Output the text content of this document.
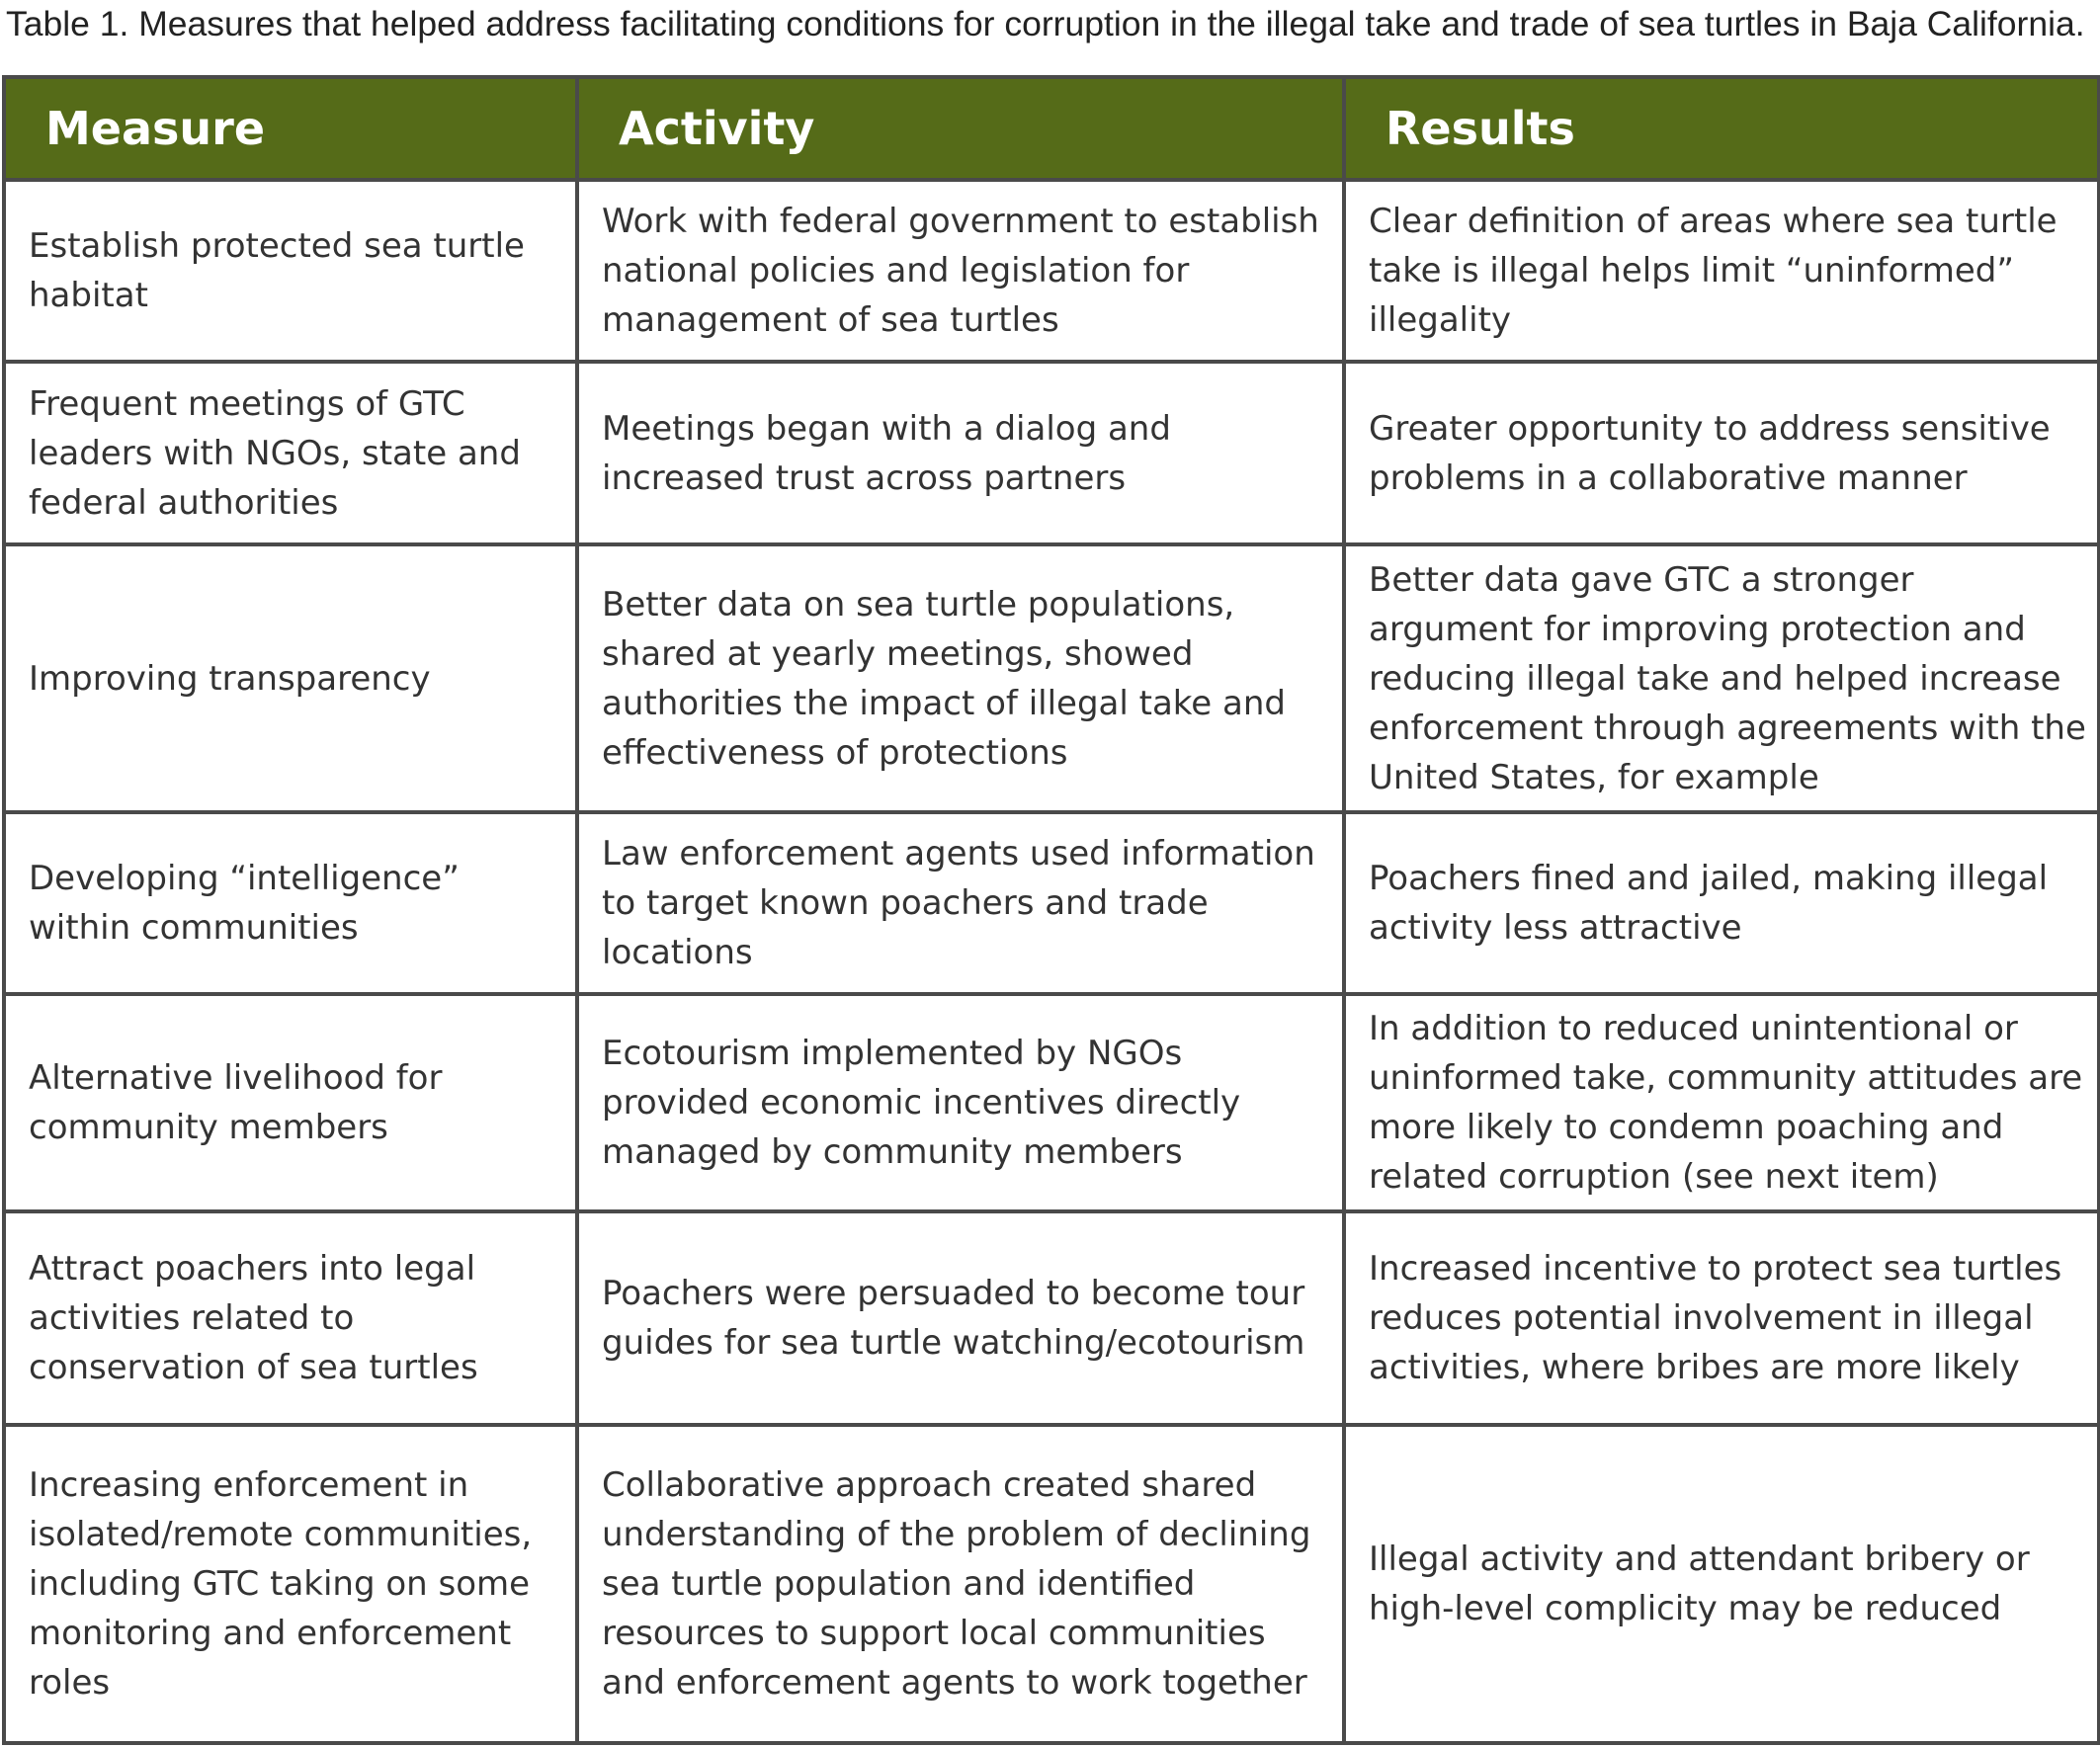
Table 1. Measures that helped address facilitating conditions for corruption in the illegal take and trade of sea turtles in Baja California.
Measure	Activity	Results
Establish protected sea turtle habitat	Work with federal government to establish national policies and legislation for management of sea turtles	Clear definition of areas where sea turtle take is illegal helps limit “uninformed” illegality
Frequent meetings of GTC leaders with NGOs, state and federal authorities	Meetings began with a dialog and increased trust across partners	Greater opportunity to address sensitive problems in a collaborative manner
Improving transparency	Better data on sea turtle populations, shared at yearly meetings, showed authorities the impact of illegal take and effectiveness of protections	Better data gave GTC a stronger argument for improving protection and reducing illegal take and helped increase enforcement through agreements with the United States, for example
Developing “intelligence” within communities	Law enforcement agents used information to target known poachers and trade locations	Poachers fined and jailed, making illegal activity less attractive
Alternative livelihood for community members	Ecotourism implemented by NGOs provided economic incentives directly managed by community members	In addition to reduced unintentional or uninformed take, community attitudes are more likely to condemn poaching and related corruption (see next item)
Attract poachers into legal activities related to conservation of sea turtles	Poachers were persuaded to become tour guides for sea turtle watching/ecotourism	Increased incentive to protect sea turtles reduces potential involvement in illegal activities, where bribes are more likely
Increasing enforcement in isolated/remote communities, including GTC taking on some monitoring and enforcement roles	Collaborative approach created shared understanding of the problem of declining sea turtle population and identified resources to support local communities and enforcement agents to work together	Illegal activity and attendant bribery or high-level complicity may be reduced
